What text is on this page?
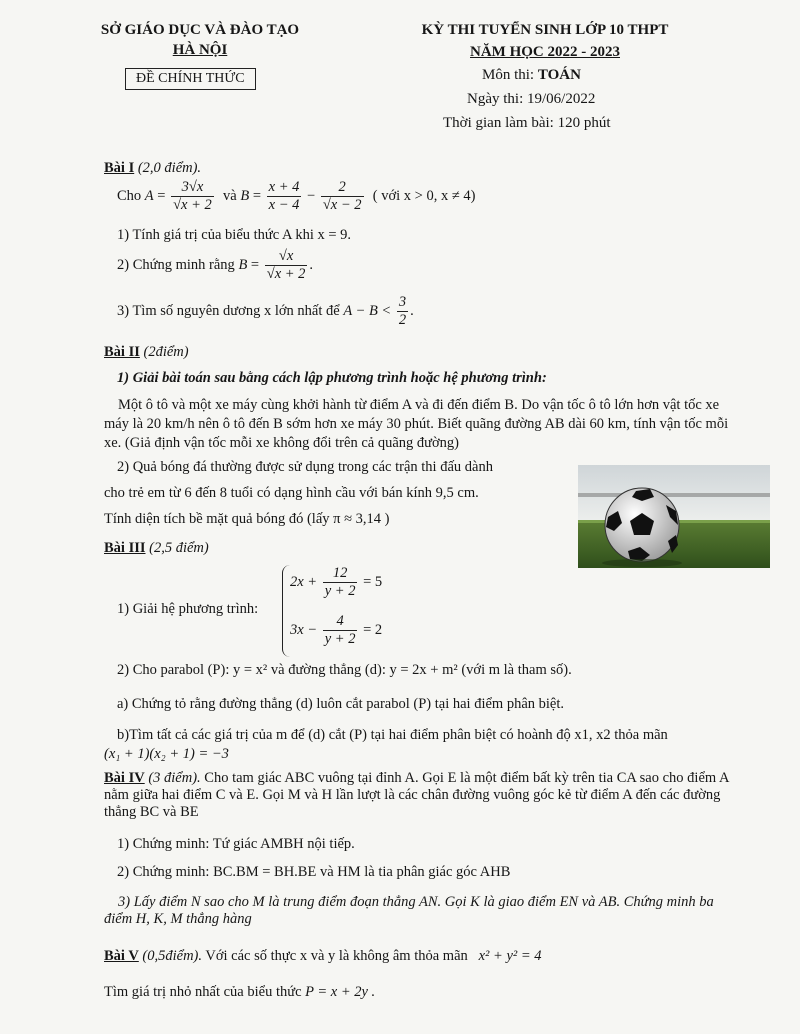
SỞ GIÁO DỤC VÀ ĐÀO TẠO
HÀ NỘI
ĐỀ CHÍNH THỨC
KỲ THI TUYỂN SINH LỚP 10 THPT
NĂM HỌC 2022 - 2023
Môn thi: TOÁN
Ngày thi: 19/06/2022
Thời gian làm bài: 120 phút
Bài I (2,0 điểm).
Cho $A = \frac{3√x}{√x + 2}$ và $B = \frac{x + 4}{x - 4} - \frac{2}{√x - 2}$ ( với x > 0, x ≠ 4)
1) Tính giá trị của biểu thức A khi x = 9.
2) Chứng minh rằng $B = \frac{√x}{√x + 2}$ .
3) Tìm số nguyên dương x lớn nhất để $A - B < \frac{3}{2}$ .
Bài II (2điểm)
1) Giải bài toán sau bằng cách lập phương trình hoặc hệ phương trình:
Một ô tô và một xe máy cùng khởi hành từ điểm A và đi đến điểm B. Do vận tốc ô tô lớn hơn vật tốc xe máy là 20 km/h nên ô tô đến B sớm hơn xe máy 30 phút. Biết quãng đường AB dài 60 km, tính vận tốc mỗi xe. (Giả định vận tốc mỗi xe không đổi trên cả quãng đường)
2) Quả bóng đá thường được sử dụng trong các trận thi đấu dành
cho trẻ em từ 6 đến 8 tuổi có dạng hình cầu với bán kính 9,5 cm.
Tính diện tích bề mặt quả bóng đó (lấy π ≈ 3,14 )
Bài III (2,5 điểm)
1) Giải hệ phương trình:
$2x + \frac{12}{y + 2} = 5$
$3x - \frac{4}{y + 2} = 2$
2) Cho parabol (P): y = x² và đường thẳng (d): y = 2x + m² (với m là tham số).
a) Chứng tỏ rằng đường thẳng (d) luôn cắt parabol (P) tại hai điểm phân biệt.
b)Tìm tất cả các giá trị của m để (d) cắt (P) tại hai điểm phân biệt có hoành độ x1, x2 thỏa mãn
(x₁ + 1)(x₂ + 1) = −3
Bài IV (3 điểm). Cho tam giác ABC vuông tại đỉnh A. Gọi E là một điểm bất kỳ trên tia CA sao cho điểm A nằm giữa hai điểm C và E. Gọi M và H lần lượt là các chân đường vuông góc kẻ từ điểm A đến các đường thẳng BC và BE
1) Chứng minh: Tứ giác AMBH nội tiếp.
2) Chứng minh: BC.BM = BH.BE và HM là tia phân giác góc AHB
3) Lấy điểm N sao cho M là trung điểm đoạn thẳng AN. Gọi K là giao điểm EN và AB. Chứng minh ba điểm H, K, M thẳng hàng
Bài V (0,5điểm). Với các số thực x và y là không âm thỏa mãn x² + y² = 4
Tìm giá trị nhỏ nhất của biểu thức P = x + 2y .
